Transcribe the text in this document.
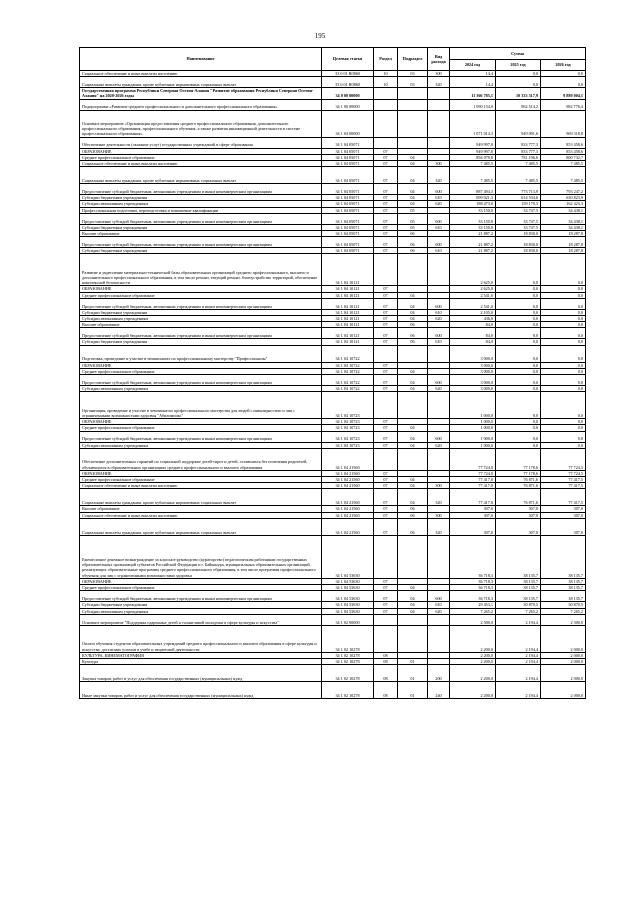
195
Наименование	Целевая статья	Раздел	Подраздел	Вид расхода	Сумма		
					2024 год	2025 год	2026 год
Социальное обеспечение и иные выплаты населению	33 0 01 R0860	10	03	300	14,4	0,0	0,0
Социальные выплаты гражданам, кроме публичных нормативных социальных выплат	33 0 01 R0860	10	03	320	14,4	0,0	0,0
Государственная программа Республики Северная Осетия-Алания "Развитие образования Республики Северная Осетия-Алания" на 2020-2026 годы	34 0 00 00000				11 366 785,1	10 333 317,9	9 889 004,1
Подпрограмма «Развитие среднего профессионального и дополнительного профессионального образования»	34 1 00 00000				1 090 154,0	962 514,2	982 776,4
Основное мероприятие «Организация предоставления среднего профессионального образования, дополнительного профессионального образования, профессионального обучения, а также развития инновационной деятельности в системе профессионального образования»	34 1 04 00000				1 071 014,3	949 091,6	969 318,8
Обеспечение деятельности (оказание услуг) государственных учреждений в сфере образования	34 1 04 05071				949 997,0	833 777,3	853 458,6
ОБРАЗОВАНИЕ	34 1 04 05071	07			949 997,0	833 777,3	853 458,6
Среднее профессиональное образование	34 1 04 05071	07	04		894 079,8	781 196,6	800 732,7
Социальное обеспечение и иные выплаты населению	34 1 04 05071	07	04	300	7 485,5	7 485,5	7 485,5
Социальные выплаты гражданам, кроме публичных нормативных социальных выплат	34 1 04 05071	07	04	320	7 485,5	7 485,5	7 485,5
Предоставление субсидий бюджетным, автономным учреждениям и иным некоммерческим организациям	34 1 04 05071	07	04	600	887 494,3	773 713,9	793 247,2
Субсидии бюджетным учреждениям	34 1 04 05071	07	04	610	699 021,3	614 534,6	630 823,9
Субсидии автономным учреждениям	34 1 04 05071	07	04	620	188 473,0	159 179,3	162 423,3
Профессиональная подготовка, переподготовка и повышение квалификации	34 1 04 05071	07	05		33 150,0	33 747,5	34 438,1
Предоставление субсидий бюджетным, автономным учреждениям и иным некоммерческим организациям	34 1 04 05071	07	05	600	33 150,0	33 747,5	34 438,1
Субсидии бюджетным учреждениям	34 1 04 05071	07	05	610	33 150,0	33 747,5	34 438,1
Высшее образование	34 1 04 05071	07	06		21 887,2	18 830,0	18 287,8
Предоставление субсидий бюджетным, автономным учреждениям и иным некоммерческим организациям	34 1 04 05071	07	06	600	21 887,2	18 830,0	18 287,8
Субсидии бюджетным учреждениям	34 1 04 05071	07	06	610	21 887,2	18 830,0	18 287,8
Развитие и укрепление материально-технической базы образовательных организаций среднего профессионального, высшего и дополнительного профессионального образования, в том числе ремонт, текущий ремонт, благоустройство территорий, обеспечение комплексной безопасности	34 1 04 10121				2 625,0	0,0	0,0
ОБРАЗОВАНИЕ	34 1 04 10121	07			2 625,0	0,0	0,0
Среднее профессиональное образование	34 1 04 10121	07	04		2 541,0	0,0	0,0
Предоставление субсидий бюджетным, автономным учреждениям и иным некоммерческим организациям	34 1 04 10121	07	04	600	2 541,0	0,0	0,0
Субсидии бюджетным учреждениям	34 1 04 10121	07	04	610	2 105,0	0,0	0,0
Субсидии автономным учреждениям	34 1 04 10121	07	04	620	436,0	0,0	0,0
Высшее образование	34 1 04 10121	07	06		84,0	0,0	0,0
Предоставление субсидий бюджетным, автономным учреждениям и иным некоммерческим организациям	34 1 04 10121	07	06	600	84,0	0,0	0,0
Субсидии бюджетным учреждениям	34 1 04 10121	07	06	610	84,0	0,0	0,0
Подготовка, проведение и участие в чемпионатах по профессиональному мастерству "Профессионалы"	34 1 04 10722				3 000,0	0,0	0,0
ОБРАЗОВАНИЕ	34 1 04 10722	07			3 000,0	0,0	0,0
Среднее профессиональное образование	34 1 04 10722	07	04		3 000,0	0,0	0,0
Предоставление субсидий бюджетным, автономным учреждениям и иным некоммерческим организациям	34 1 04 10722	07	04	600	3 000,0	0,0	0,0
Субсидии автономным учреждениям	34 1 04 10722	07	04	620	3 000,0	0,0	0,0
Организация, проведение и участие в чемпионатах профессионального мастерства для людей с инвалидностью и лиц с ограниченными возможностями здоровья "Абилимпикс"	34 1 04 10723				1 000,0	0,0	0,0
ОБРАЗОВАНИЕ	34 1 04 10723	07			1 000,0	0,0	0,0
Среднее профессиональное образование	34 1 04 10723	07	04		1 000,0	0,0	0,0
Предоставление субсидий бюджетным, автономным учреждениям и иным некоммерческим организациям	34 1 04 10723	07	04	600	1 000,0	0,0	0,0
Субсидии автономным учреждениям	34 1 04 10723	07	04	620	1 000,0	0,0	0,0
Обеспечение дополнительных гарантий по социальной поддержке детей-сирот и детей, оставшихся без попечения родителей, обучающихся в образовательных организациях среднего профессионального и высшего образования	34 1 04 21560				77 724,0	77 178,6	77 724,5
ОБРАЗОВАНИЕ	34 1 04 21560	07			77 724,0	77 178,6	77 724,5
Среднее профессиональное образование	34 1 04 21560	07	04		77 417,0	76 871,6	77 417,5
Социальное обеспечение и иные выплаты населению	34 1 04 21560	07	04	300	77 417,0	76 871,6	77 417,5
Социальные выплаты гражданам, кроме публичных нормативных социальных выплат	34 1 04 21560	07	04	320	77 417,0	76 871,6	77 417,5
Высшее образование	34 1 04 21560	07	06		307,0	307,0	307,0
Социальное обеспечение и иные выплаты населению	34 1 04 21560	07	06	300	307,0	307,0	307,0
Социальные выплаты гражданам, кроме публичных нормативных социальных выплат	34 1 04 21560	07	06	320	307,0	307,0	307,0
Ежемесячное денежное вознаграждение за классное руководство (кураторство) педагогическим работникам государственных образовательных организаций субъектов Российской Федерации и г. Байконура, муниципальных образовательных организаций, реализующих образовательные программы среднего профессионального образования, в том числе программы профессионального обучения для лиц с ограниченными возможностями здоровья	34 1 04 53630				36 718,3	38 135,7	38 135,7
ОБРАЗОВАНИЕ	34 1 04 53630	07			36 718,3	38 135,7	38 135,7
Среднее профессиональное образование	34 1 04 53630	07	04		36 718,3	38 135,7	38 135,7
Предоставление субсидий бюджетным, автономным учреждениям и иным некоммерческим организациям	34 1 04 53630	07	04	600	36 718,3	38 135,7	38 135,7
Субсидии бюджетным учреждениям	34 1 04 53630	07	04	610	29 453,1	30 870,5	30 870,5
Субсидии автономным учреждениям	34 1 04 53630	07	04	620	7 265,2	7 265,2	7 265,2
Основное мероприятие "Поддержка одаренных детей и талантливой молодежи в сфере культуры и искусства"	34 1 02 00000				2 500,0	2 194,4	2 300,0
Оплата обучения студентов образовательных учреждений среднего профессионального и высшего образования в сфере культуры и искусства, достигших успехов в учебе и творческой деятельности	34 1 02 10278				2 200,0	2 194,4	2 000,0
КУЛЬТУРА, КИНЕМАТОГРАФИЯ	34 1 02 10278	08			2 200,0	2 194,4	2 000,0
Культура	34 1 02 10278	08	01		2 200,0	2 194,4	2 000,0
Закупка товаров, работ и услуг для обеспечения государственных (муниципальных) нужд	34 1 02 10278	08	01	200	2 200,0	2 194,4	2 000,0
Иные закупки товаров, работ и услуг для обеспечения государственных (муниципальных) нужд	34 1 02 10278	08	01	240	2 200,0	2 194,4	2 000,0
